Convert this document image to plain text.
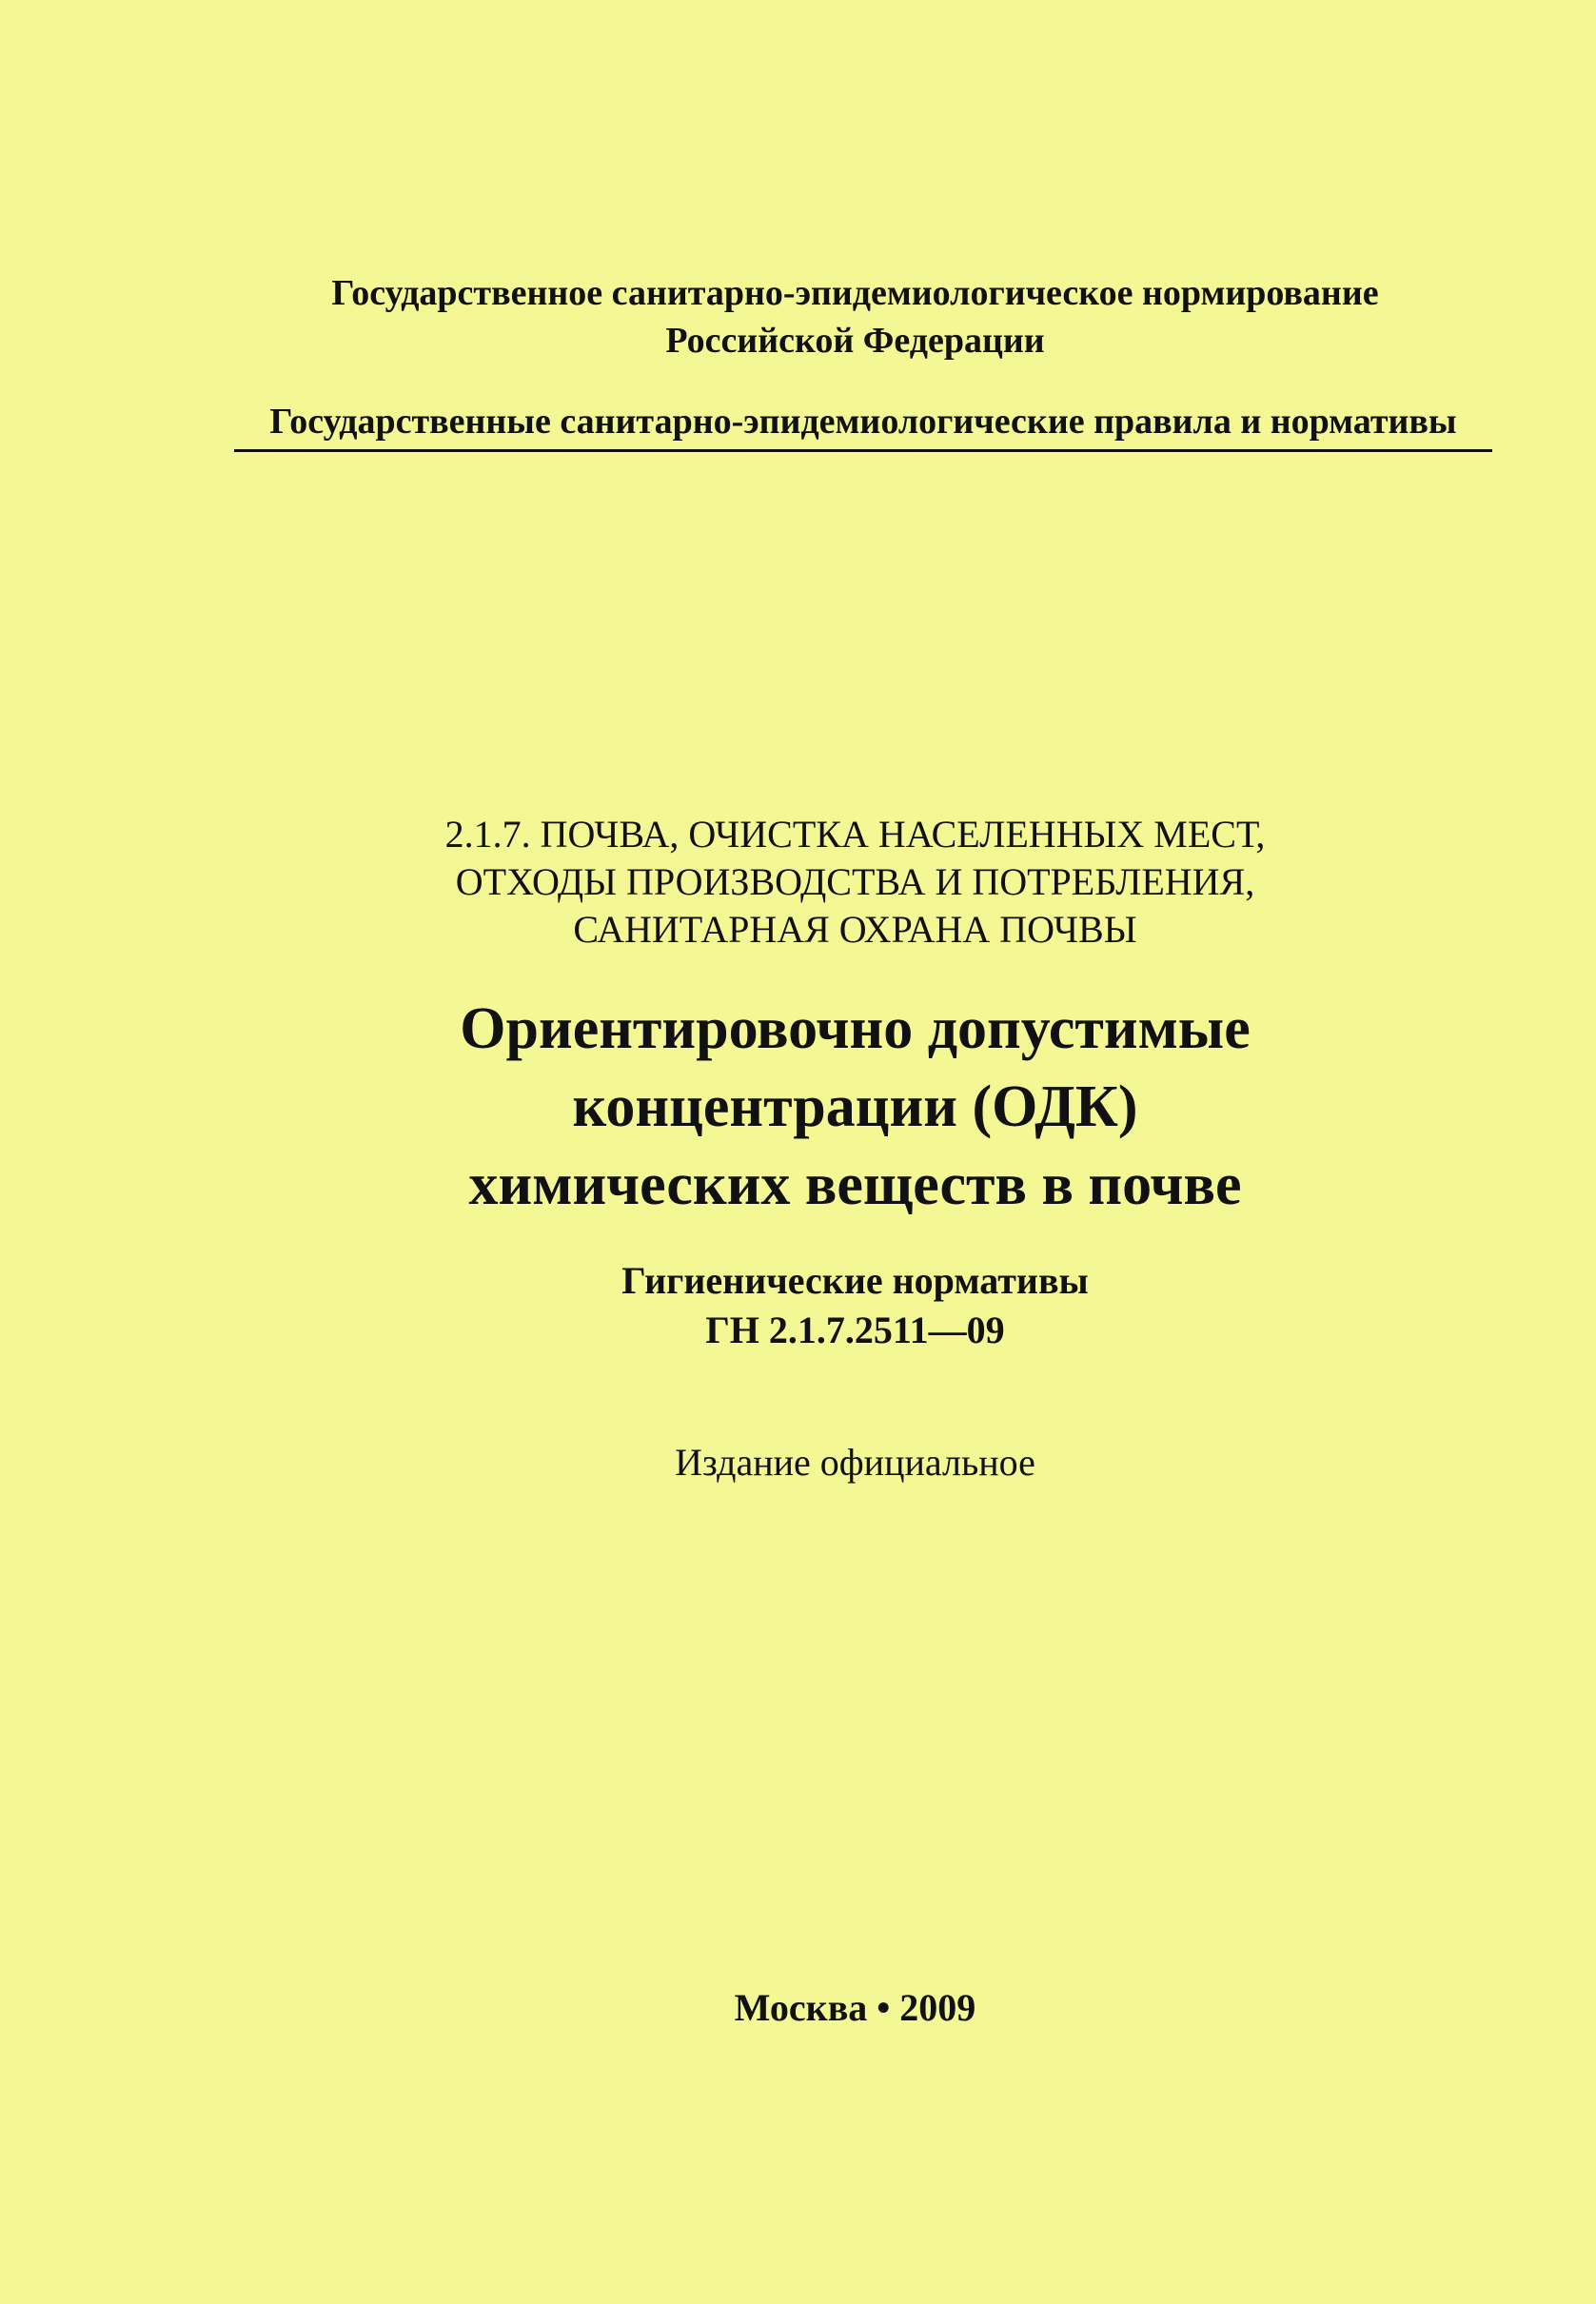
Государственное санитарно-эпидемиологическое нормирование
Российской Федерации
Государственные санитарно-эпидемиологические правила и нормативы
2.1.7. ПОЧВА, ОЧИСТКА НАСЕЛЕННЫХ МЕСТ,
ОТХОДЫ ПРОИЗВОДСТВА И ПОТРЕБЛЕНИЯ,
САНИТАРНАЯ ОХРАНА ПОЧВЫ
Ориентировочно допустимые
концентрации (ОДК)
химических веществ в почве
Гигиенические нормативы
ГН 2.1.7.2511—09
Издание официальное
Москва • 2009
